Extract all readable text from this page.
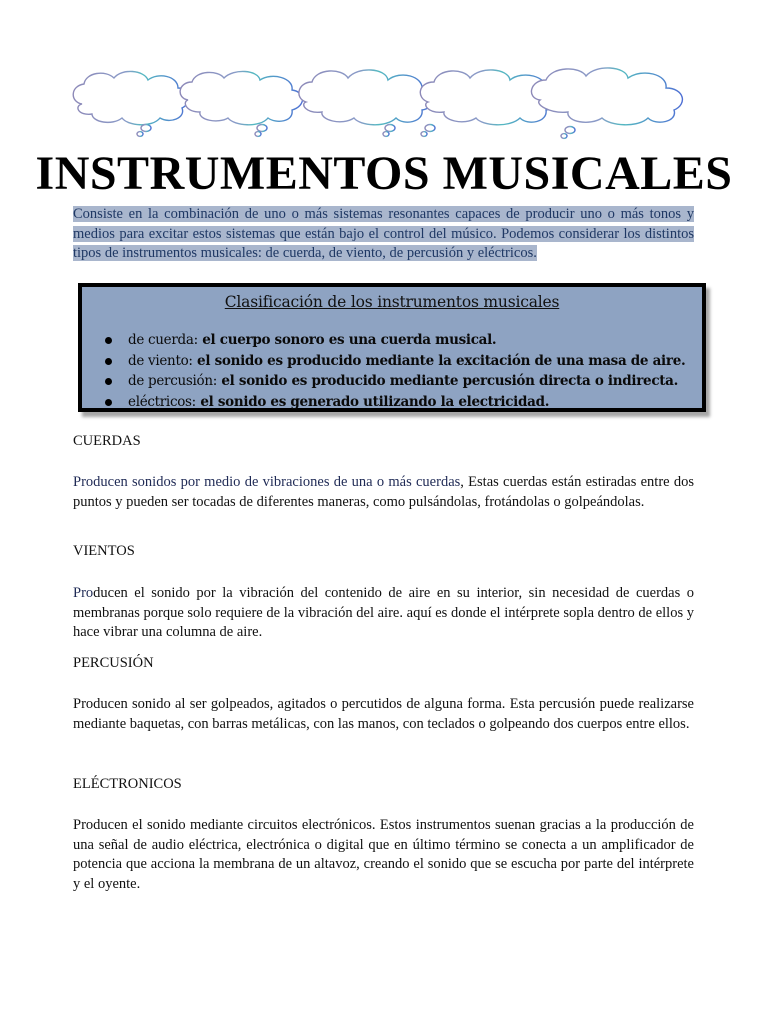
INSTRUMENTOS MUSICALES

Consiste en la combinación de uno o más sistemas resonantes capaces de producir uno o más tonos y medios para excitar estos sistemas que están bajo el control del músico. Podemos considerar los distintos tipos de instrumentos musicales: de cuerda, de viento, de percusión y eléctricos.

Clasificación de los instrumentos musicales
de cuerda: el cuerpo sonoro es una cuerda musical.
de viento: el sonido es producido mediante la excitación de una masa de aire.
de percusión: el sonido es producido mediante percusión directa o indirecta.
eléctricos: el sonido es generado utilizando la electricidad.
CUERDAS

Producen sonidos por medio de vibraciones de una o más cuerdas, Estas cuerdas están estiradas entre dos puntos y pueden ser tocadas de diferentes maneras, como pulsándolas, frotándolas o golpeándolas.

VIENTOS

Producen el sonido por la vibración del contenido de aire en su interior, sin necesidad de cuerdas o membranas porque solo requiere de la vibración del aire. aquí es donde el intérprete sopla dentro de ellos y hace vibrar una columna de aire.

PERCUSIÓN

Producen sonido al ser golpeados, agitados o percutidos de alguna forma. Esta percusión puede realizarse mediante baquetas, con barras metálicas, con las manos, con teclados o golpeando dos cuerpos entre ellos.

ELÉCTRONICOS

Producen el sonido mediante circuitos electrónicos. Estos instrumentos suenan gracias a la producción de una señal de audio eléctrica, electrónica o digital que en último término se conecta a un amplificador de potencia que acciona la membrana de un altavoz, creando el sonido que se escucha por parte del intérprete y el oyente.
